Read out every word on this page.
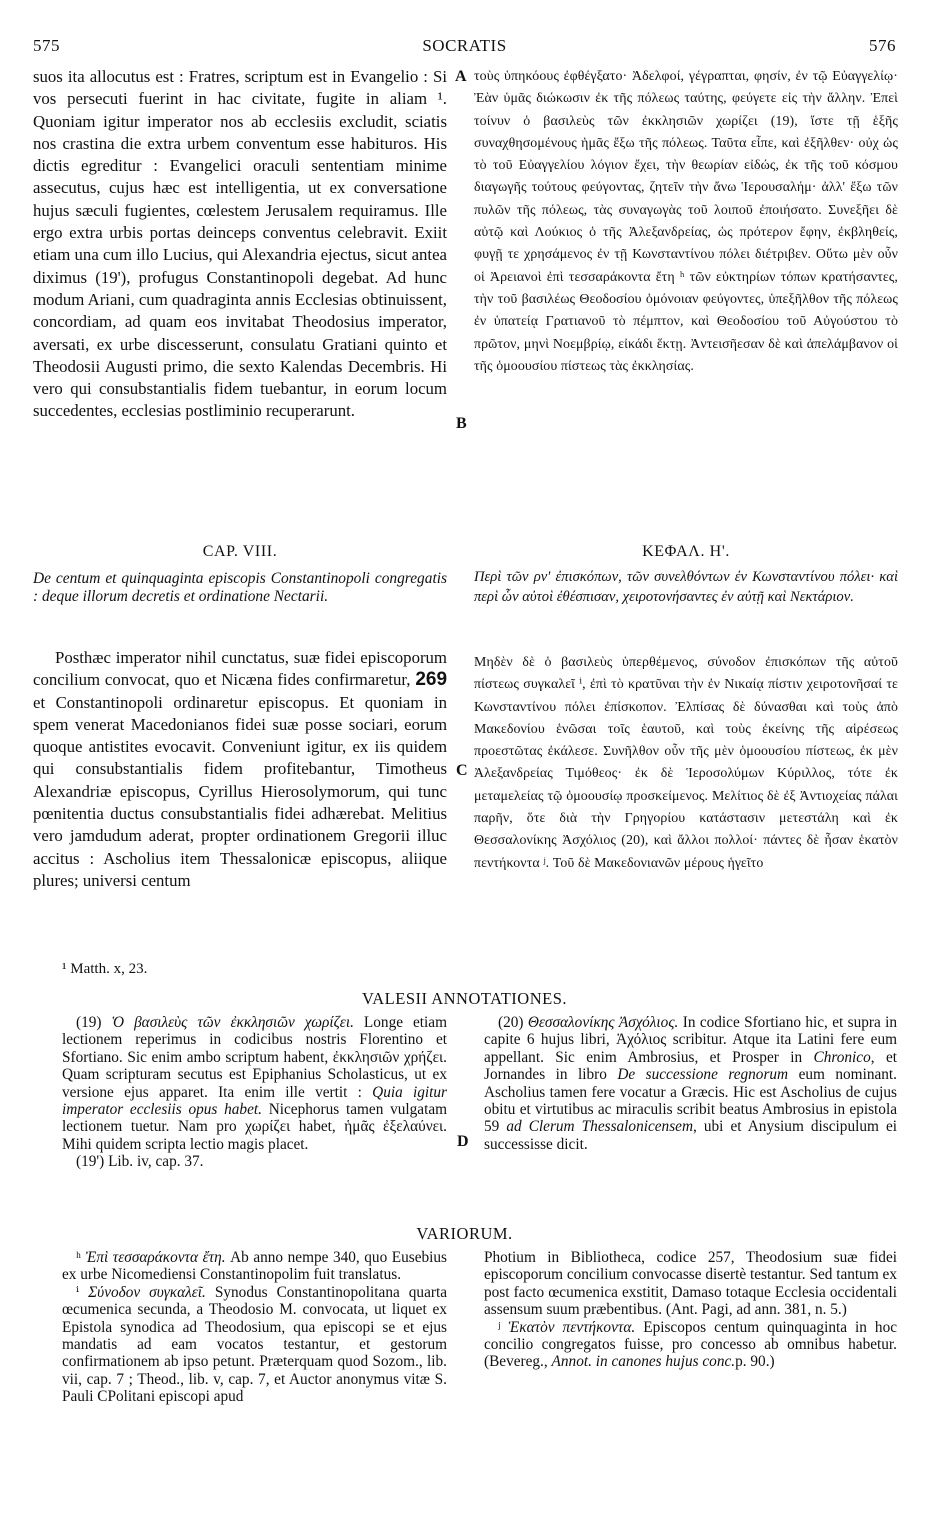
575	SOCRATIS	576
suos ita allocutus est : Fratres, scriptum est in Evangelio : Si vos persecuti fuerint in hac civitate, fugite in aliam ¹. Quoniam igitur imperator nos ab ecclesiis excludit, sciatis nos crastina die extra urbem conventum esse habituros. His dictis egreditur : Evangelici oraculi sententiam minime assecutus, cujus hæc est intelligentia, ut ex conversatione hujus sæculi fugientes, cœlestem Jerusalem requiramus. Ille ergo extra urbis portas deinceps conventus celebravit. Exiit etiam una cum illo Lucius, qui Alexandria ejectus, sicut antea diximus (19'), profugus Constantinopoli degebat. Ad hunc modum Ariani, cum quadraginta annis Ecclesias obtinuissent, concordiam, ad quam eos invitabat Theodosius imperator, aversati, ex urbe discesserunt, consulatu Gratiani quinto et Theodosii Augusti primo, die sexto Kalendas Decembris. Hi vero qui consubstantialis fidem tuebantur, in eorum locum succedentes, ecclesias postliminio recuperarunt.
τοὺς ὑπηκόους ἐφθέγξατο· Ἀδελφοί, γέγραπται, φησίν, ἐν τῷ Εὐαγγελίῳ· Ἐὰν ὑμᾶς διώκωσιν ἐκ τῆς πόλεως ταύτης, φεύγετε εἰς τὴν ἄλλην. Ἐπεὶ τοίνυν ὁ βασιλεὺς τῶν ἐκκλησιῶν χωρίζει (19), ἴστε τῇ ἑξῆς συναχθησομένους ἡμᾶς ἔξω τῆς πόλεως. Ταῦτα εἶπε, καὶ ἐξῆλθεν· οὐχ ὡς τὸ τοῦ Εὐαγγελίου λόγιον ἔχει, τὴν θεωρίαν εἰδώς, ἐκ τῆς τοῦ κόσμου διαγωγῆς τούτους φεύγοντας, ζητεῖν τὴν ἄνω Ἱερουσαλήμ· ἀλλ' ἔξω τῶν πυλῶν τῆς πόλεως, τὰς συναγωγὰς τοῦ λοιποῦ ἐποιήσατο. Συνεξῆει δὲ αὐτῷ καὶ Λούκιος ὁ τῆς Ἀλεξανδρείας, ὡς πρότερον ἔφην, ἐκβληθείς, φυγῇ τε χρησάμενος ἐν τῇ Κωνσταντίνου πόλει διέτριβεν. Οὕτω μὲν οὖν οἱ Ἀρειανοὶ ἐπὶ τεσσαράκοντα ἔτη ʰ τῶν εὐκτηρίων τόπων κρατήσαντες, τὴν τοῦ βασιλέως Θεοδοσίου ὁμόνοιαν φεύγοντες, ὑπεξῆλθον τῆς πόλεως ἐν ὑπατείᾳ Γρατιανοῦ τὸ πέμπτον, καὶ Θεοδοσίου τοῦ Αὐγούστου τὸ πρῶτον, μηνὶ Νοεμβρίῳ, εἰκάδι ἕκτῃ. Ἀντεισῆεσαν δὲ καὶ ἀπελάμβανον οἱ τῆς ὁμοουσίου πίστεως τὰς ἐκκλησίας.
A
B
C
D
CAP. VIII.
De centum et quinquaginta episcopis Constantinopoli congregatis : deque illorum decretis et ordinatione Nectarii.
ΚΕΦΑΛ. Η'.
Περὶ τῶν ρν' ἐπισκόπων, τῶν συνελθόντων ἐν Κωνσταντίνου πόλει· καὶ περὶ ὧν αὐτοὶ ἐθέσπισαν, χειροτονήσαντες ἐν αὐτῇ καὶ Νεκτάριον.
Posthæc imperator nihil cunctatus, suæ fidei episcoporum concilium convocat, quo et Nicæna fides confirmaretur, 269 et Constantinopoli ordinaretur episcopus. Et quoniam in spem venerat Macedonianos fidei suæ posse sociari, eorum quoque antistites evocavit. Conveniunt igitur, ex iis quidem qui consubstantialis fidem profitebantur, Timotheus Alexandriæ episcopus, Cyrillus Hierosolymorum, qui tunc pœnitentia ductus consubstantialis fidei adhærebat. Melitius vero jamdudum aderat, propter ordinationem Gregorii illuc accitus : Ascholius item Thessalonicæ episcopus, aliique plures; universi centum
Μηδὲν δὲ ὁ βασιλεὺς ὑπερθέμενος, σύνοδον ἐπισκόπων τῆς αὐτοῦ πίστεως συγκαλεῖ ⁱ, ἐπὶ τὸ κρατῦναι τὴν ἐν Νικαίᾳ πίστιν χειροτονῆσαί τε Κωνσταντίνου πόλει ἐπίσκοπον. Ἐλπίσας δὲ δύνασθαι καὶ τοὺς ἀπὸ Μακεδονίου ἑνῶσαι τοῖς ἑαυτοῦ, καὶ τοὺς ἐκείνης τῆς αἱρέσεως προεστῶτας ἐκάλεσε. Συνῆλθον οὖν τῆς μὲν ὁμοουσίου πίστεως, ἐκ μὲν Ἀλεξανδρείας Τιμόθεος· ἐκ δὲ Ἱεροσολύμων Κύριλλος, τότε ἐκ μεταμελείας τῷ ὁμοουσίῳ προσκείμενος. Μελίτιος δὲ ἐξ Ἀντιοχείας πάλαι παρῆν, ὅτε διὰ τὴν Γρηγορίου κατάστασιν μετεστάλη καὶ ἐκ Θεσσαλονίκης Ἀσχόλιος (20), καὶ ἄλλοι πολλοί· πάντες δὲ ἦσαν ἑκατὸν πεντήκοντα ʲ. Τοῦ δὲ Μακεδονιανῶν μέρους ἡγεῖτο
¹ Matth. x, 23.
VALESII ANNOTATIONES.

(19) Ὁ βασιλεὺς τῶν ἐκκλησιῶν χωρίζει. Longe etiam lectionem reperimus in codicibus nostris Florentino et Sfortiano. Sic enim ambo scriptum habent, ἐκκλησιῶν χρήζει. Quam scripturam secutus est Epiphanius Scholasticus, ut ex versione ejus apparet. Ita enim ille vertit : Quia igitur imperator ecclesiis opus habet. Nicephorus tamen vulgatam lectionem tuetur. Nam pro χωρίζει habet, ἡμᾶς ἐξελαύνει. Mihi quidem scripta lectio magis placet.

(19') Lib. iv, cap. 37.

(20) Θεσσαλονίκης Ἀσχόλιος. In codice Sfortiano hic, et supra in capite 6 hujus libri, Ἀχόλιος scribitur. Atque ita Latini fere eum appellant. Sic enim Ambrosius, et Prosper in Chronico, et Jornandes in libro De successione regnorum eum nominant. Ascholius tamen fere vocatur a Græcis. Hic est Ascholius de cujus obitu et virtutibus ac miraculis scribit beatus Ambrosius in epistola 59 ad Clerum Thessalonicensem, ubi et Anysium discipulum ei successisse dicit.

VARIORUM.

ʰ Ἐπὶ τεσσαράκοντα ἔτη. Ab anno nempe 340, quo Eusebius ex urbe Nicomediensi Constantinopolim fuit translatus.

ⁱ Σύνοδον συγκαλεῖ. Synodus Constantinopolitana quarta œcumenica secunda, a Theodosio M. convocata, ut liquet ex Epistola synodica ad Theodosium, qua episcopi se et ejus mandatis ad eam vocatos testantur, et gestorum confirmationem ab ipso petunt. Præterquam quod Sozom., lib. vii, cap. 7 ; Theod., lib. v, cap. 7, et Auctor anonymus vitæ S. Pauli CPolitani episcopi apud

Photium in Bibliotheca, codice 257, Theodosium suæ fidei episcoporum concilium convocasse disertè testantur. Sed tantum ex post facto œcumenica exstitit, Damaso totaque Ecclesia occidentali assensum suum præbentibus. (Ant. Pagi, ad ann. 381, n. 5.)

ʲ Ἑκατὸν πεντήκοντα. Episcopos centum quinquaginta in hoc concilio congregatos fuisse, pro concesso ab omnibus habetur. (Bevereg., Annot. in canones hujus conc.p. 90.)
